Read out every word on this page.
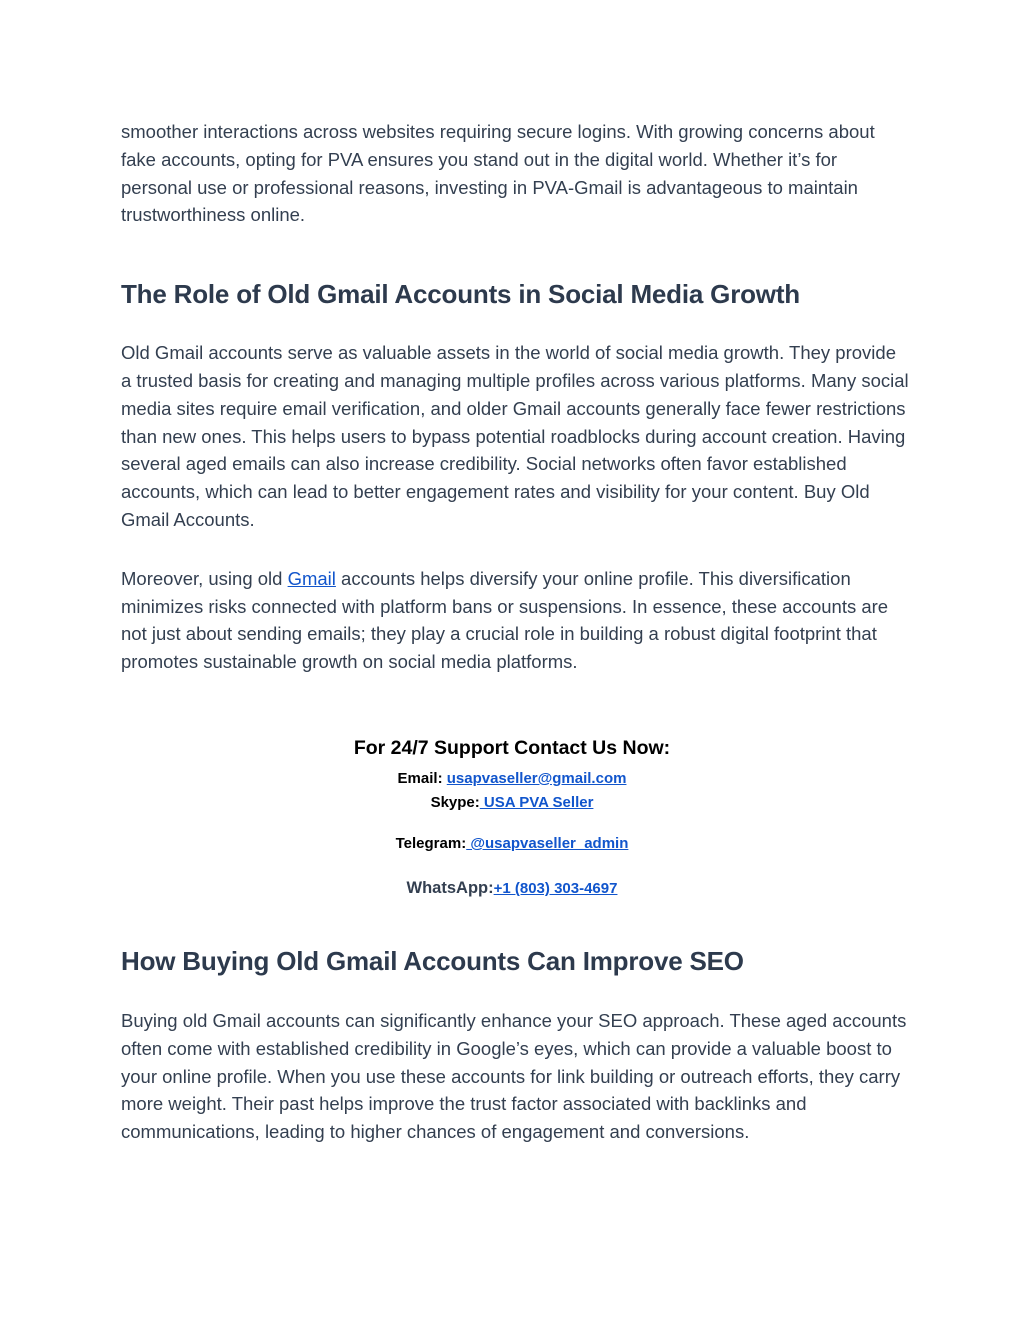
smoother interactions across websites requiring secure logins. With growing concerns about fake accounts, opting for PVA ensures you stand out in the digital world. Whether it’s for personal use or professional reasons, investing in PVA-Gmail is advantageous to maintain trustworthiness online.

The Role of Old Gmail Accounts in Social Media Growth

Old Gmail accounts serve as valuable assets in the world of social media growth. They provide a trusted basis for creating and managing multiple profiles across various platforms. Many social media sites require email verification, and older Gmail accounts generally face fewer restrictions than new ones. This helps users to bypass potential roadblocks during account creation. Having several aged emails can also increase credibility. Social networks often favor established accounts, which can lead to better engagement rates and visibility for your content. Buy Old Gmail Accounts.

Moreover, using old Gmail accounts helps diversify your online profile. This diversification minimizes risks connected with platform bans or suspensions. In essence, these accounts are not just about sending emails; they play a crucial role in building a robust digital footprint that promotes sustainable growth on social media platforms.

For 24/7 Support Contact Us Now:
Email: usapvaseller@gmail.com
Skype: USA PVA Seller
Telegram: @usapvaseller_admin
WhatsApp:+1 (803) 303-4697
How Buying Old Gmail Accounts Can Improve SEO

Buying old Gmail accounts can significantly enhance your SEO approach. These aged accounts often come with established credibility in Google’s eyes, which can provide a valuable boost to your online profile. When you use these accounts for link building or outreach efforts, they carry more weight. Their past helps improve the trust factor associated with backlinks and communications, leading to higher chances of engagement and conversions.
